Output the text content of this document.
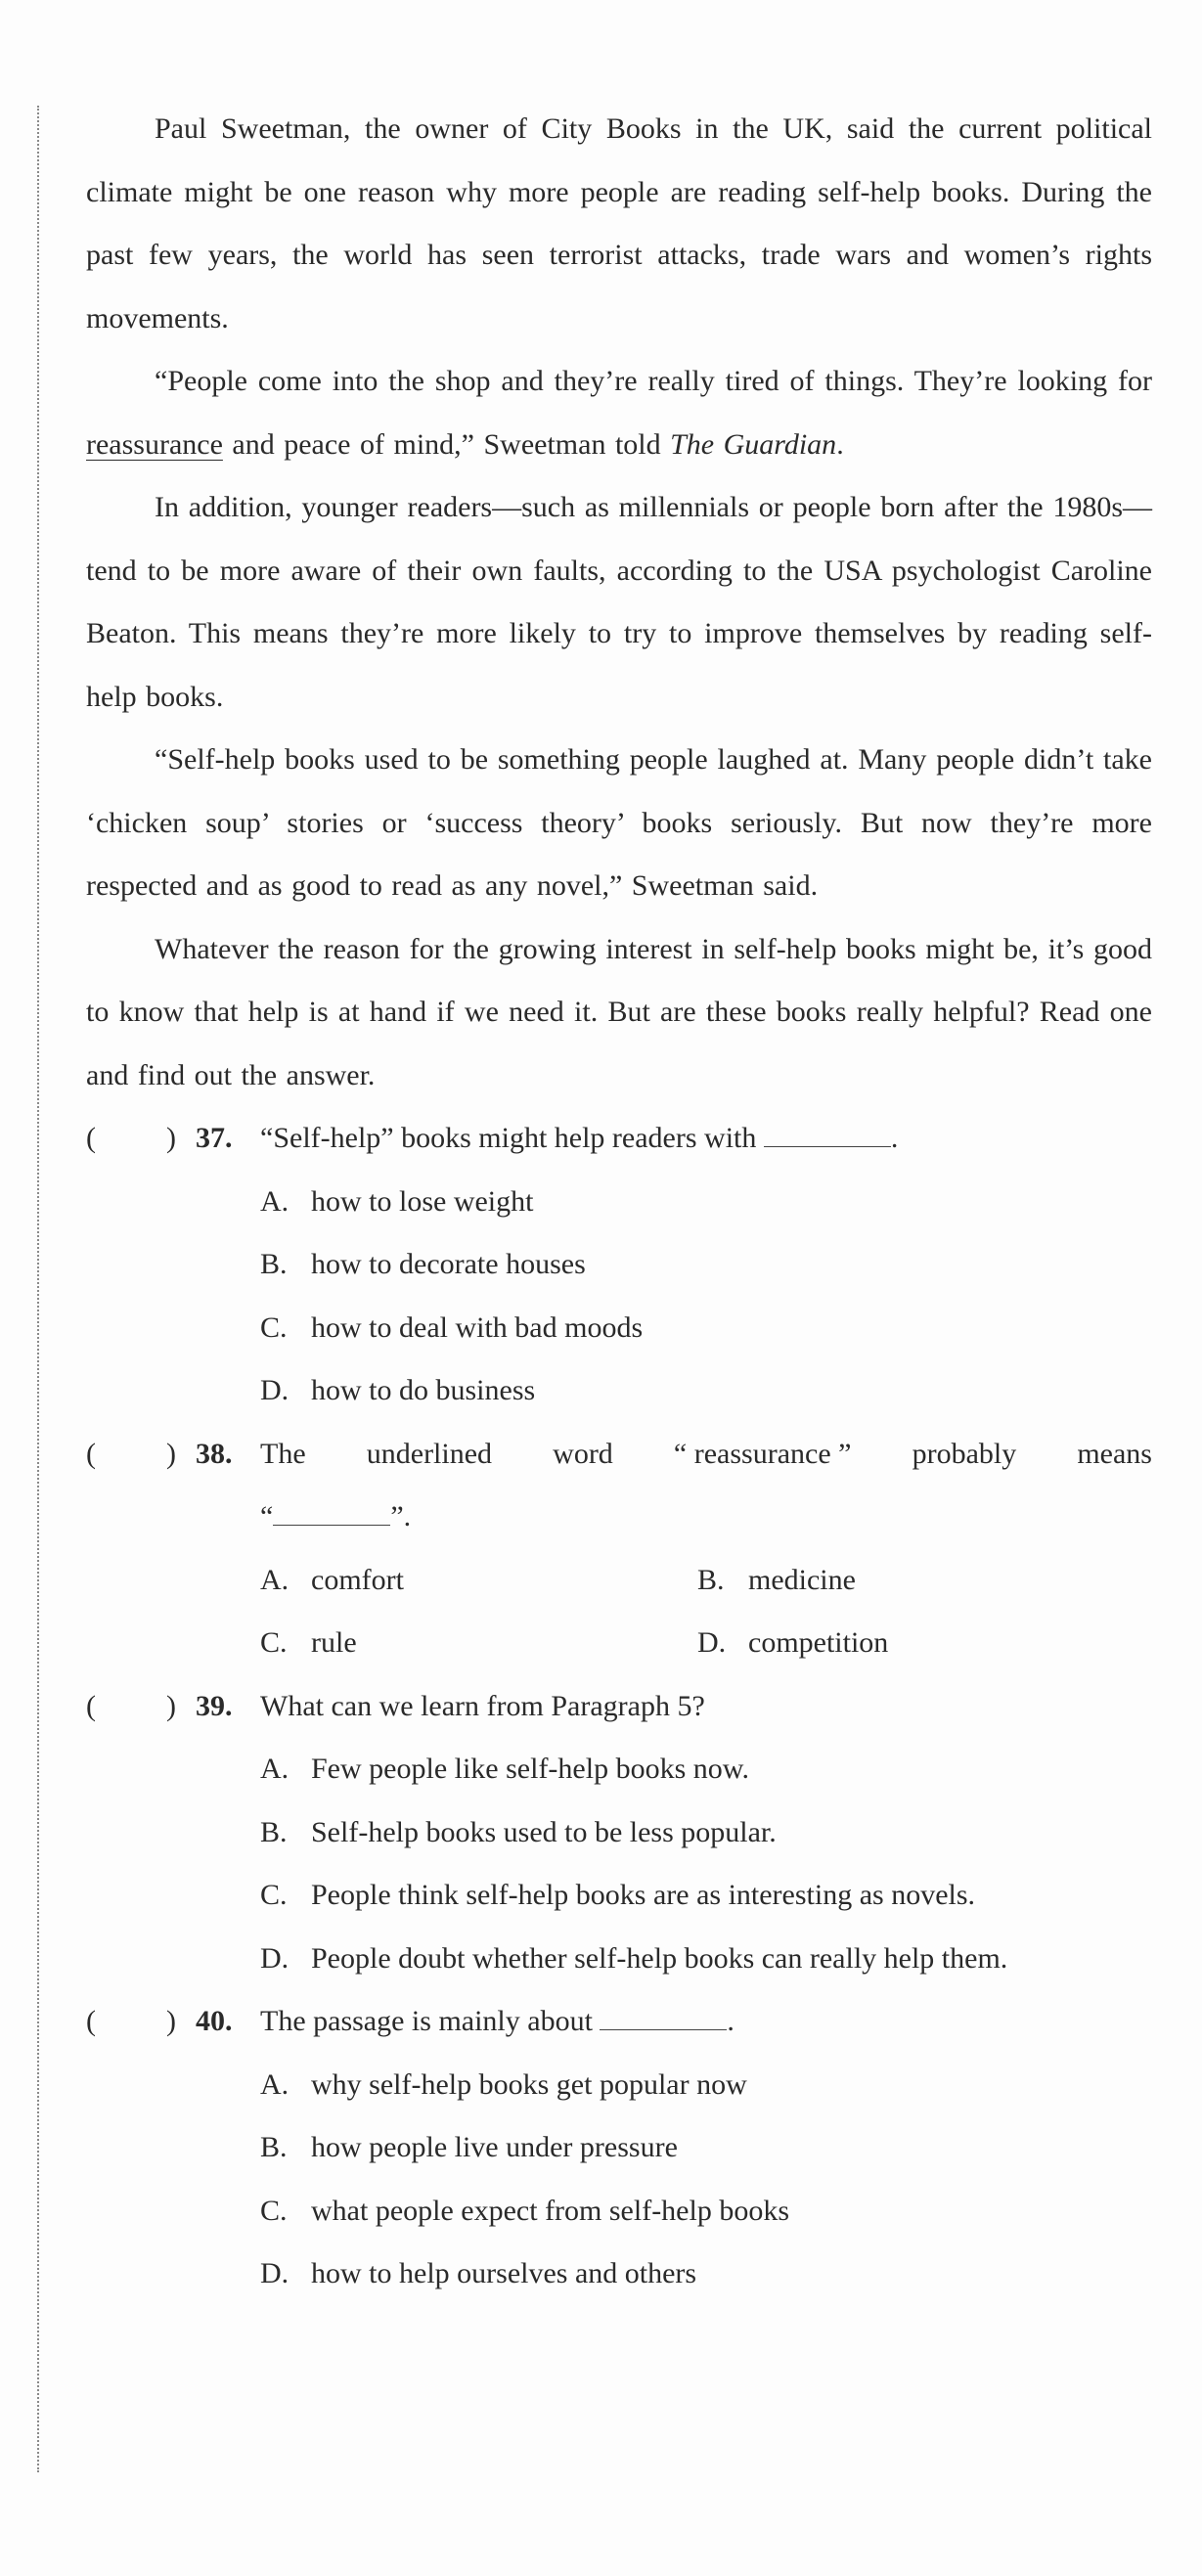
Paul Sweetman, the owner of City Books in the UK, said the current political climate might be one reason why more people are reading self-help books. During the past few years, the world has seen terrorist attacks, trade wars and women’s rights movements.

“People come into the shop and they’re really tired of things. They’re looking for reassurance and peace of mind,” Sweetman told The Guardian.

In addition, younger readers—such as millennials or people born after the 1980s—tend to be more aware of their own faults, according to the USA psychologist Caroline Beaton. This means they’re more likely to try to improve themselves by reading self-help books.

“Self-help books used to be something people laughed at. Many people didn’t take ‘chicken soup’ stories or ‘success theory’ books seriously. But now they’re more respected and as good to read as any novel,” Sweetman said.

Whatever the reason for the growing interest in self-help books might be, it’s good to know that help is at hand if we need it. But are these books really helpful? Read one and find out the answer.

( ) 37. “Self-help” books might help readers with	.
A. how to lose weight
B. how to decorate houses
C. how to deal with bad moods
D. how to do business
( ) 38. The underlined word “ reassurance ” probably means
“	”.
A. comfort	B. medicine
C. rule	D. competition
( ) 39. What can we learn from Paragraph 5?
A. Few people like self-help books now.
B. Self-help books used to be less popular.
C. People think self-help books are as interesting as novels.
D. People doubt whether self-help books can really help them.
( ) 40. The passage is mainly about	.
A. why self-help books get popular now
B. how people live under pressure
C. what people expect from self-help books
D. how to help ourselves and others
